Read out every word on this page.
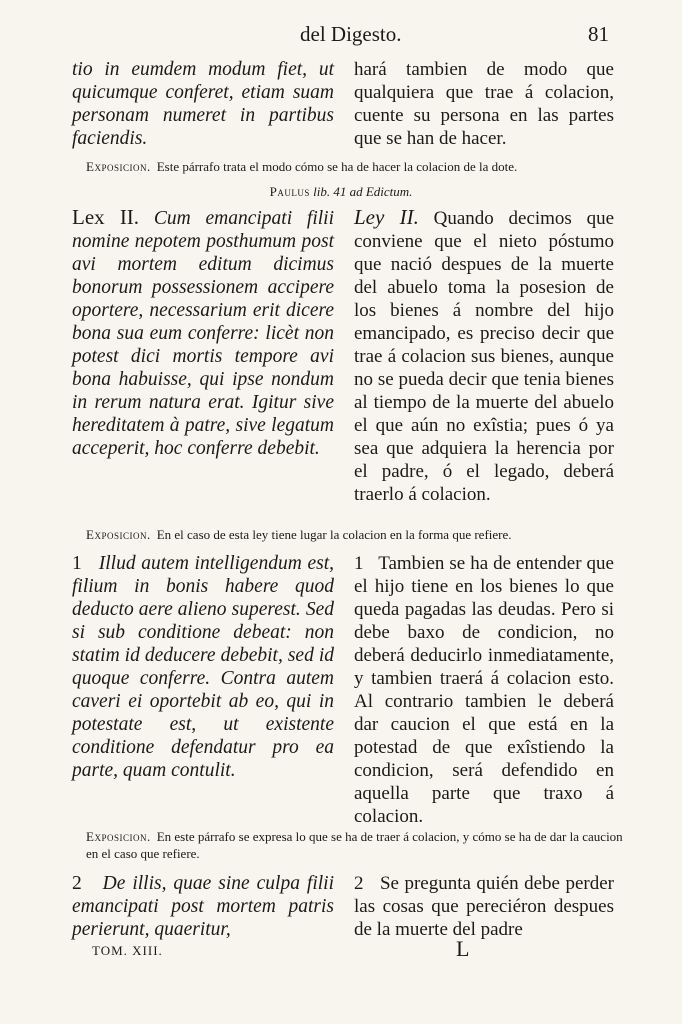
del Digesto.	81
tio in eumdem modum fiet, ut quicumque conferet, etiam suam personam numeret in partibus faciendis.
hará tambien de modo que qualquiera que trae á colacion, cuente su persona en las partes que se han de hacer.
Exposicion. Este párrafo trata el modo cómo se ha de hacer la colacion de la dote.
Paulus lib. 41 ad Edictum.
Lex II. Cum emancipati filii nomine nepotem posthumum post avi mortem editum dicimus bonorum possessionem accipere oportere, necessarium erit dicere bona sua eum conferre: licèt non potest dici mortis tempore avi bona habuisse, qui ipse nondum in rerum natura erat. Igitur sive hereditatem à patre, sive legatum acceperit, hoc conferre debebit.
Ley II. Quando decimos que conviene que el nieto póstumo que nació despues de la muerte del abuelo toma la posesion de los bienes á nombre del hijo emancipado, es preciso decir que trae á colacion sus bienes, aunque no se pueda decir que tenia bienes al tiempo de la muerte del abuelo el que aún no exîstia; pues ó ya sea que adquiera la herencia por el padre, ó el legado, deberá traerlo á colacion.
Exposicion. En el caso de esta ley tiene lugar la colacion en la forma que refiere.
1 Illud autem intelligendum est, filium in bonis habere quod deducto aere alieno superest. Sed si sub conditione debeat: non statim id deducere debebit, sed id quoque conferre. Contra autem caveri ei oportebit ab eo, qui in potestate est, ut existente conditione defendatur pro ea parte, quam contulit.
1 Tambien se ha de entender que el hijo tiene en los bienes lo que queda pagadas las deudas. Pero si debe baxo de condicion, no deberá deducirlo inmediatamente, y tambien traerá á colacion esto. Al contrario tambien le deberá dar caucion el que está en la potestad de que exîstiendo la condicion, será defendido en aquella parte que traxo á colacion.
Exposicion. En este párrafo se expresa lo que se ha de traer á colacion, y cómo se ha de dar la caucion en el caso que refiere.
2 De illis, quae sine culpa filii emancipati post mortem patris perierunt, quaeritur,
2 Se pregunta quién debe perder las cosas que pereciéron despues de la muerte del padre
TOM. XIII.	L
